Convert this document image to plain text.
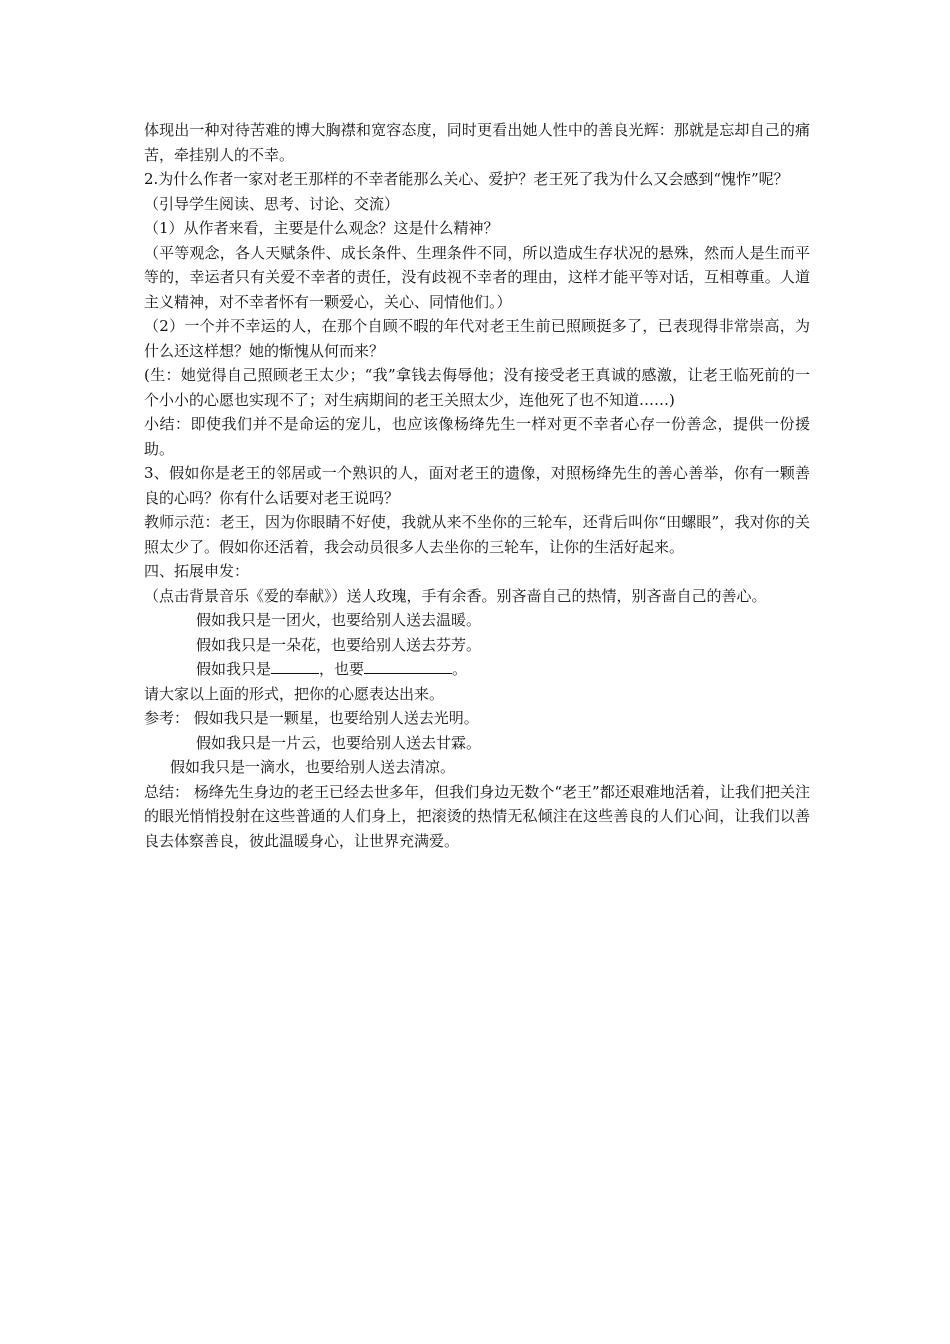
体现出一种对待苦难的博大胸襟和宽容态度，同时更看出她人性中的善良光辉：那就是忘却自己的痛苦，牵挂别人的不幸。

2.为什么作者一家对老王那样的不幸者能那么关心、爱护？老王死了我为什么又会感到“愧怍”呢？

（引导学生阅读、思考、讨论、交流）

（1）从作者来看，主要是什么观念？这是什么精神？

（平等观念，各人天赋条件、成长条件、生理条件不同，所以造成生存状况的悬殊，然而人是生而平等的，幸运者只有关爱不幸者的责任，没有歧视不幸者的理由，这样才能平等对话，互相尊重。人道主义精神，对不幸者怀有一颗爱心，关心、同情他们。）

（2）一个并不幸运的人，在那个自顾不暇的年代对老王生前已照顾挺多了，已表现得非常崇高，为什么还这样想？她的惭愧从何而来？

(生：她觉得自己照顾老王太少；“我”拿钱去侮辱他；没有接受老王真诚的感激，让老王临死前的一个小小的心愿也实现不了；对生病期间的老王关照太少，连他死了也不知道……)

小结：即使我们并不是命运的宠儿，也应该像杨绛先生一样对更不幸者心存一份善念，提供一份援助。

3、假如你是老王的邻居或一个熟识的人，面对老王的遗像，对照杨绛先生的善心善举，你有一颗善良的心吗？你有什么话要对老王说吗？

教师示范：老王，因为你眼睛不好使，我就从来不坐你的三轮车，还背后叫你“田螺眼”，我对你的关照太少了。假如你还活着，我会动员很多人去坐你的三轮车，让你的生活好起来。

四、拓展申发：

（点击背景音乐《爱的奉献》）送人玫瑰，手有余香。别吝啬自己的热情，别吝啬自己的善心。

假如我只是一团火，也要给别人送去温暖。

假如我只是一朵花，也要给别人送去芬芳。

假如我只是	，也要	。

请大家以上面的形式，把你的心愿表达出来。

参考： 假如我只是一颗星，也要给别人送去光明。

假如我只是一片云，也要给别人送去甘霖。

假如我只是一滴水，也要给别人送去清凉。

总结： 杨绛先生身边的老王已经去世多年，但我们身边无数个“老王”都还艰难地活着，让我们把关注的眼光悄悄投射在这些普通的人们身上，把滚烫的热情无私倾注在这些善良的人们心间，让我们以善良去体察善良，彼此温暖身心，让世界充满爱。
